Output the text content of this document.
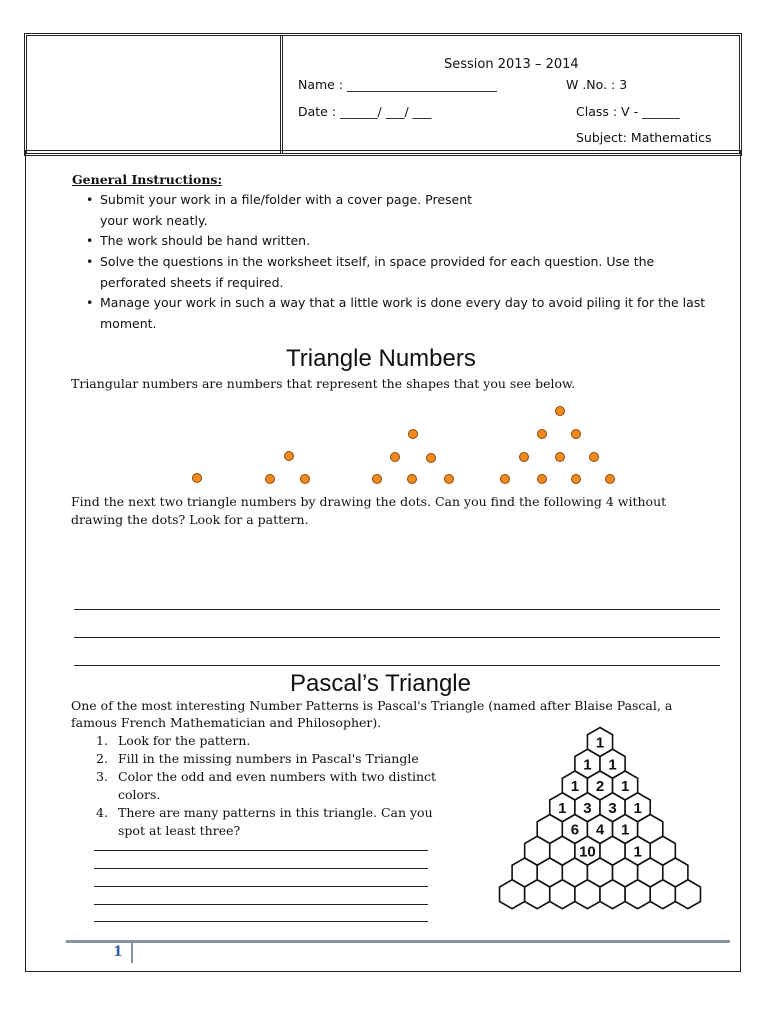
Session 2013 – 2014
Name : ________________________	W .No. : 3
Date : ______/ ___/ ___	Class : V - ______
Subject: Mathematics
General Instructions:
• Submit your work in a file/folder with a cover page. Present
your work neatly.
• The work should be hand written.
• Solve the questions in the worksheet itself, in space provided for each question. Use the
perforated sheets if required.
• Manage your work in such a way that a little work is done every day to avoid piling it for the last
moment.
Triangle Numbers
Triangular numbers are numbers that represent the shapes that you see below.
Find the next two triangle numbers by drawing the dots. Can you find the following 4 without
drawing the dots? Look for a pattern.
Pascal’s Triangle
One of the most interesting Number Patterns is Pascal's Triangle (named after Blaise Pascal, a
famous French Mathematician and Philosopher).
1. Look for the pattern.
2. Fill in the missing numbers in Pascal's Triangle
3. Color the odd and even numbers with two distinct
colors.
4. There are many patterns in this triangle. Can you
spot at least three?
1
1 1
1 2 1
1 3 3 1
6 4 1
10	1
1
